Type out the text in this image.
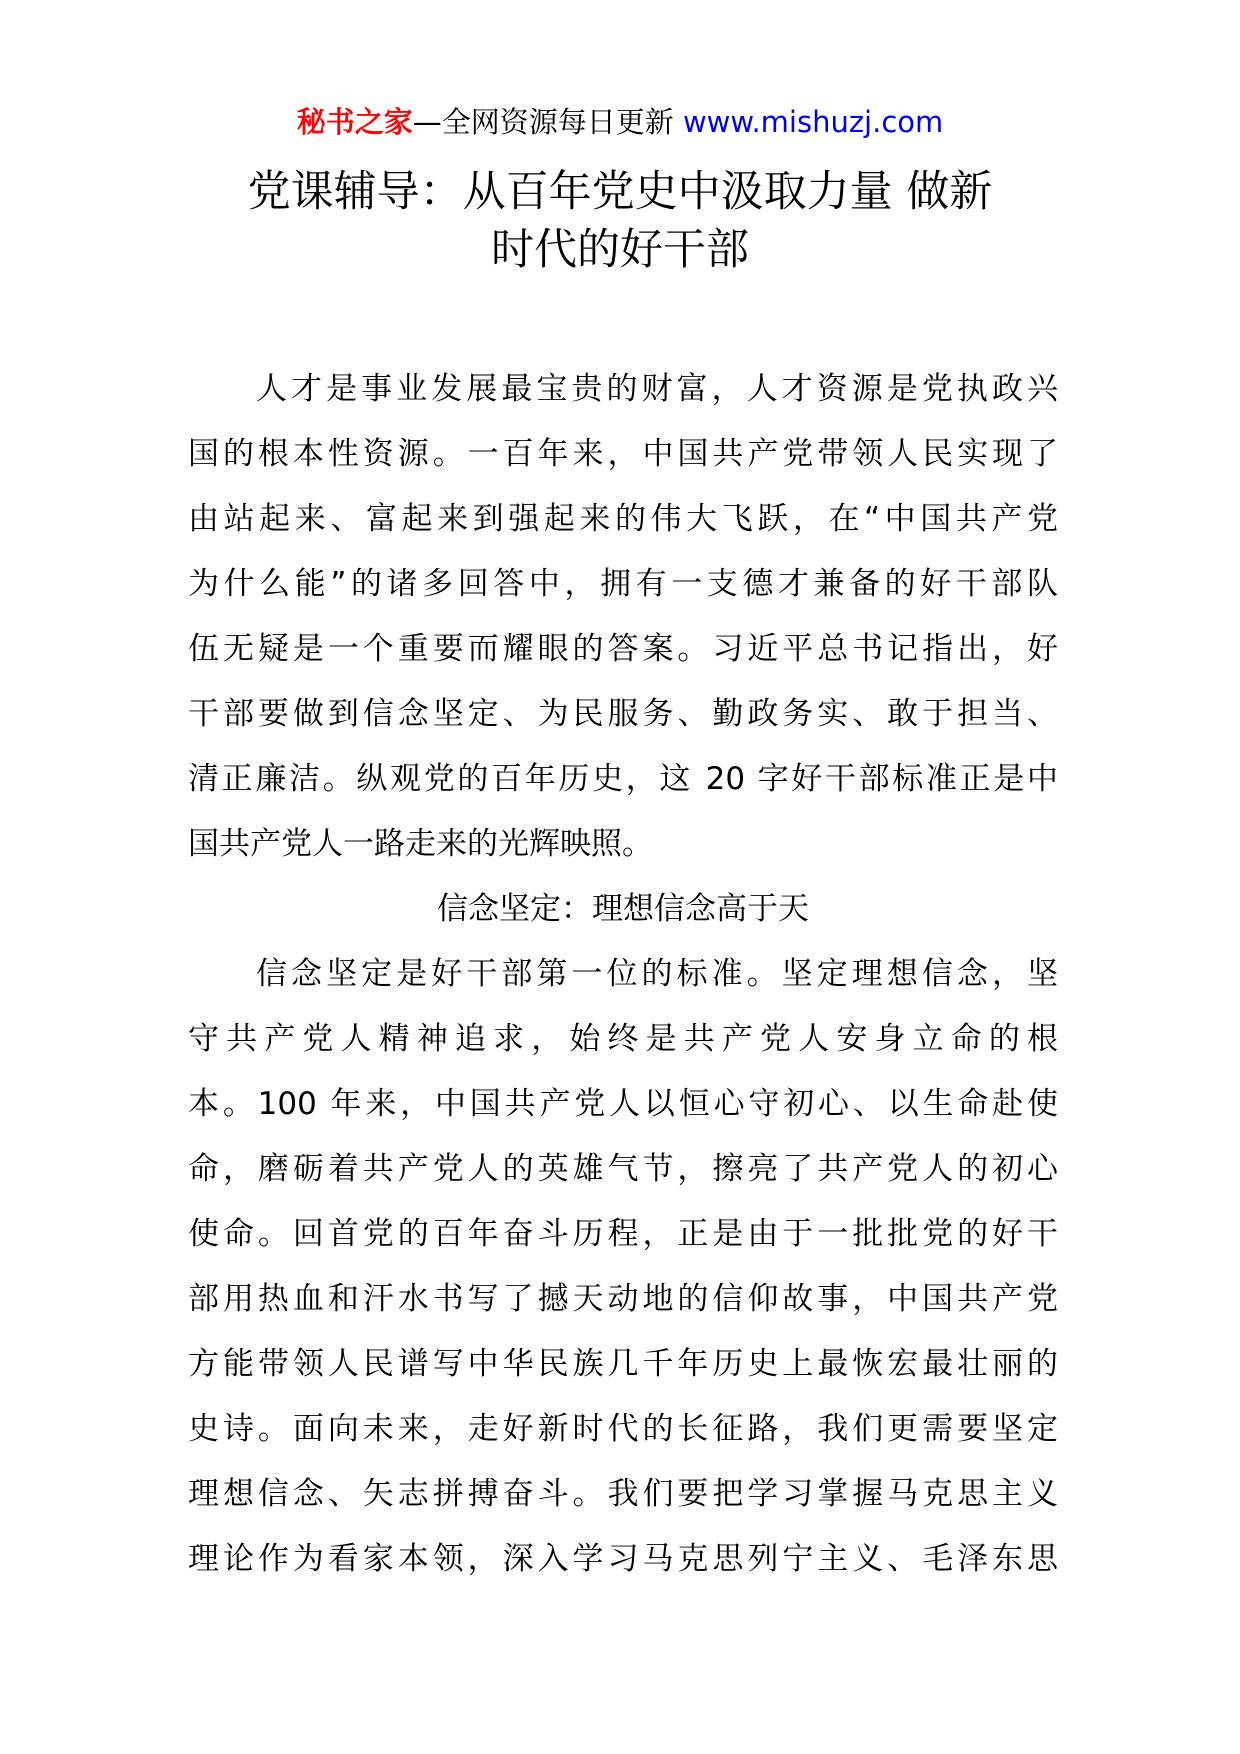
秘书之家—全网资源每日更新 www.mishuzj.com
党课辅导：从百年党史中汲取力量 做新
时代的好干部

人才是事业发展最宝贵的财富，人才资源是党执政兴
国的根本性资源。一百年来，中国共产党带领人民实现了
由站起来、富起来到强起来的伟大飞跃，在“中国共产党
为什么能”的诸多回答中，拥有一支德才兼备的好干部队
伍无疑是一个重要而耀眼的答案。习近平总书记指出，好
干部要做到信念坚定、为民服务、勤政务实、敢于担当、
清正廉洁。纵观党的百年历史，这 20 字好干部标准正是中
国共产党人一路走来的光辉映照。

信念坚定：理想信念高于天

信念坚定是好干部第一位的标准。坚定理想信念，坚
守共产党人精神追求，始终是共产党人安身立命的根
本。100 年来，中国共产党人以恒心守初心、以生命赴使
命，磨砺着共产党人的英雄气节，擦亮了共产党人的初心
使命。回首党的百年奋斗历程，正是由于一批批党的好干
部用热血和汗水书写了撼天动地的信仰故事，中国共产党
方能带领人民谱写中华民族几千年历史上最恢宏最壮丽的
史诗。面向未来，走好新时代的长征路，我们更需要坚定
理想信念、矢志拼搏奋斗。我们要把学习掌握马克思主义
理论作为看家本领，深入学习马克思列宁主义、毛泽东思
